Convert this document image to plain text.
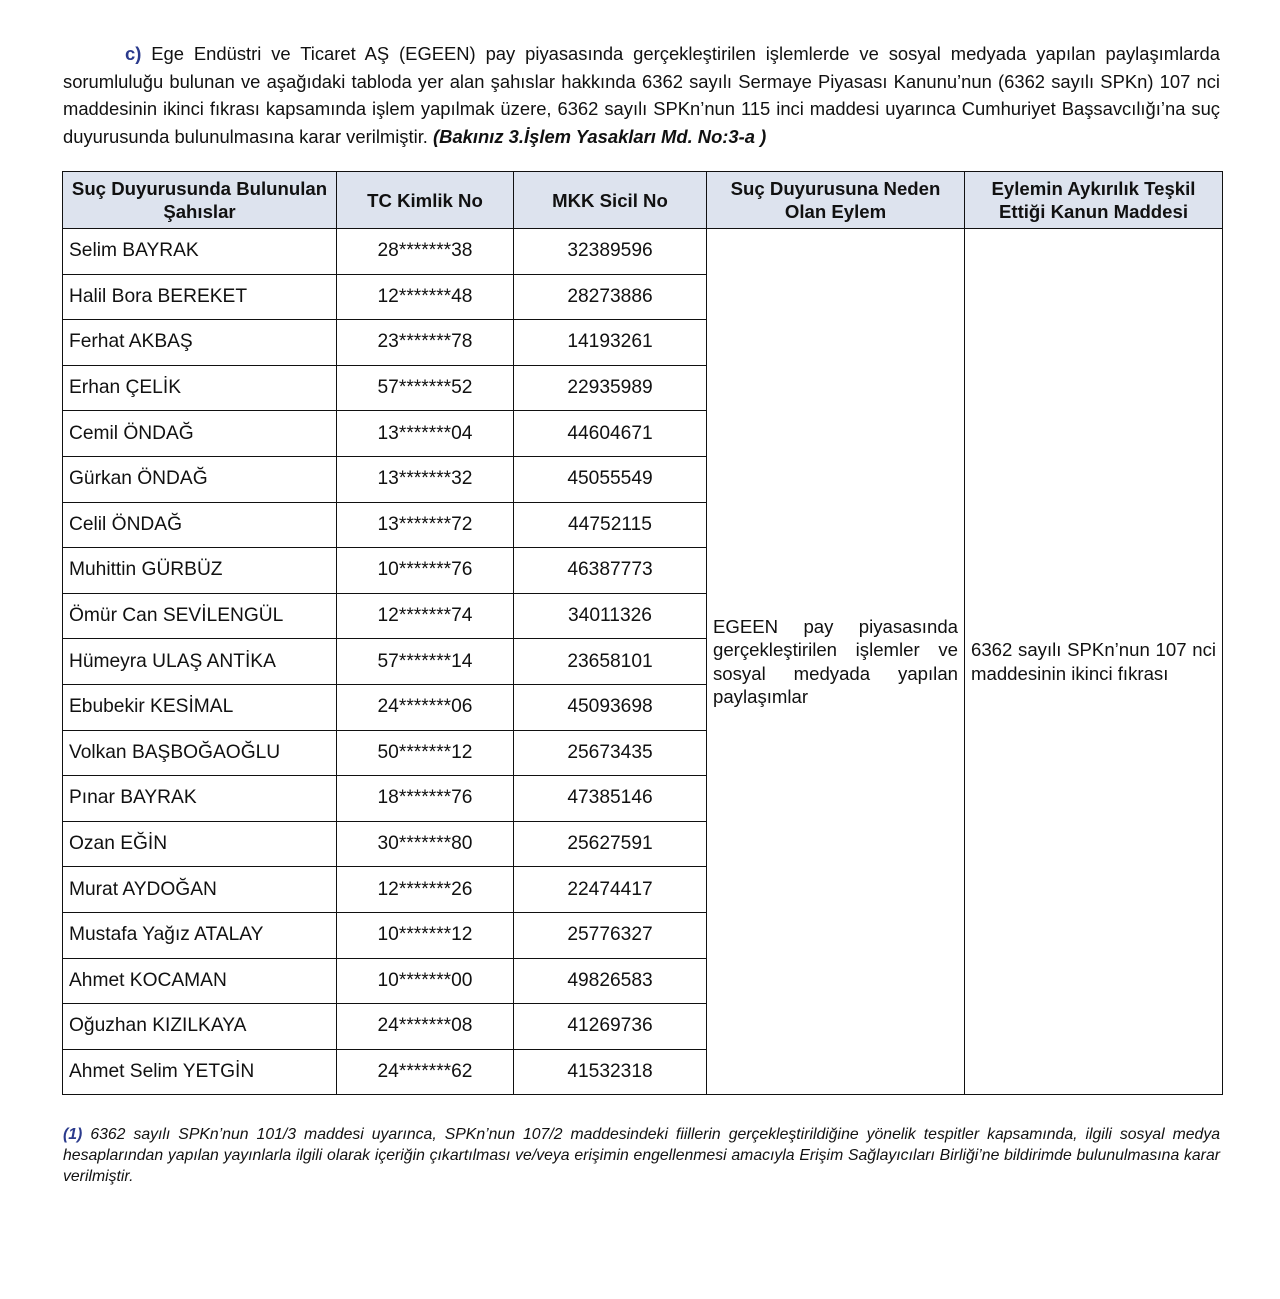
c) Ege Endüstri ve Ticaret AŞ (EGEEN) pay piyasasında gerçekleştirilen işlemlerde ve sosyal medyada yapılan paylaşımlarda sorumluluğu bulunan ve aşağıdaki tabloda yer alan şahıslar hakkında 6362 sayılı Sermaye Piyasası Kanunu’nun (6362 sayılı SPKn) 107 nci maddesinin ikinci fıkrası kapsamında işlem yapılmak üzere, 6362 sayılı SPKn’nun 115 inci maddesi uyarınca Cumhuriyet Başsavcılığı’na suç duyurusunda bulunulmasına karar verilmiştir. (Bakınız 3.İşlem Yasakları Md. No:3-a )
Suç Duyurusunda Bulunulan Şahıslar	TC Kimlik No	MKK Sicil No	Suç Duyurusuna Neden Olan Eylem	Eylemin Aykırılık Teşkil Ettiği Kanun Maddesi
Selim BAYRAK	28*******38	32389596	EGEEN pay piyasasında gerçekleştirilen işlemler ve sosyal medyada yapılan paylaşımlar	6362 sayılı SPKn’nun 107 nci maddesinin ikinci fıkrası
Halil Bora BEREKET	12*******48	28273886		
Ferhat AKBAŞ	23*******78	14193261		
Erhan ÇELİK	57*******52	22935989		
Cemil ÖNDAĞ	13*******04	44604671		
Gürkan ÖNDAĞ	13*******32	45055549		
Celil ÖNDAĞ	13*******72	44752115		
Muhittin GÜRBÜZ	10*******76	46387773		
Ömür Can SEVİLENGÜL	12*******74	34011326		
Hümeyra ULAŞ ANTİKA	57*******14	23658101		
Ebubekir KESİMAL	24*******06	45093698		
Volkan BAŞBOĞAOĞLU	50*******12	25673435		
Pınar BAYRAK	18*******76	47385146		
Ozan EĞİN	30*******80	25627591		
Murat AYDOĞAN	12*******26	22474417		
Mustafa Yağız ATALAY	10*******12	25776327		
Ahmet KOCAMAN	10*******00	49826583		
Oğuzhan KIZILKAYA	24*******08	41269736		
Ahmet Selim YETGİN	24*******62	41532318		
(1) 6362 sayılı SPKn’nun 101/3 maddesi uyarınca, SPKn’nun 107/2 maddesindeki fiillerin gerçekleştirildiğine yönelik tespitler kapsamında, ilgili sosyal medya hesaplarından yapılan yayınlarla ilgili olarak içeriğin çıkartılması ve/veya erişimin engellenmesi amacıyla Erişim Sağlayıcıları Birliği’ne bildirimde bulunulmasına karar verilmiştir.
